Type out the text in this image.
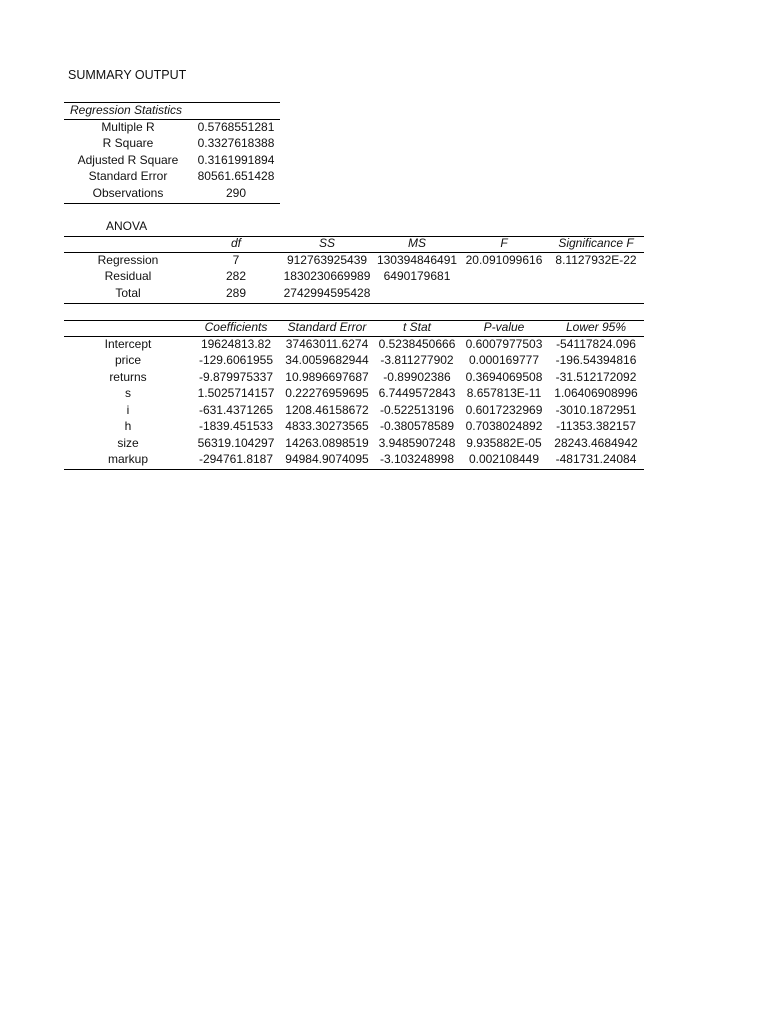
SUMMARY OUTPUT
Regression Statistics	
Multiple R	0.5768551281
R Square	0.3327618388
Adjusted R Square	0.3161991894
Standard Error	80561.651428
Observations	290
ANOVA
	df	SS	MS	F	Significance F
Regression	7	912763925439	130394846491	20.091099616	8.1127932E-22
Residual	282	1830230669989	6490179681		
Total	289	2742994595428			
	Coefficients	Standard Error	t Stat	P-value	Lower 95%
Intercept	19624813.82	37463011.6274	0.5238450666	0.6007977503	-54117824.096
price	-129.6061955	34.0059682944	-3.811277902	0.000169777	-196.54394816
returns	-9.879975337	10.9896697687	-0.89902386	0.3694069508	-31.512172092
s	1.5025714157	0.22276959695	6.7449572843	8.657813E-11	1.06406908996
i	-631.4371265	1208.46158672	-0.522513196	0.6017232969	-3010.1872951
h	-1839.451533	4833.30273565	-0.380578589	0.7038024892	-11353.382157
size	56319.104297	14263.0898519	3.9485907248	9.935882E-05	28243.4684942
markup	-294761.8187	94984.9074095	-3.103248998	0.002108449	-481731.24084
